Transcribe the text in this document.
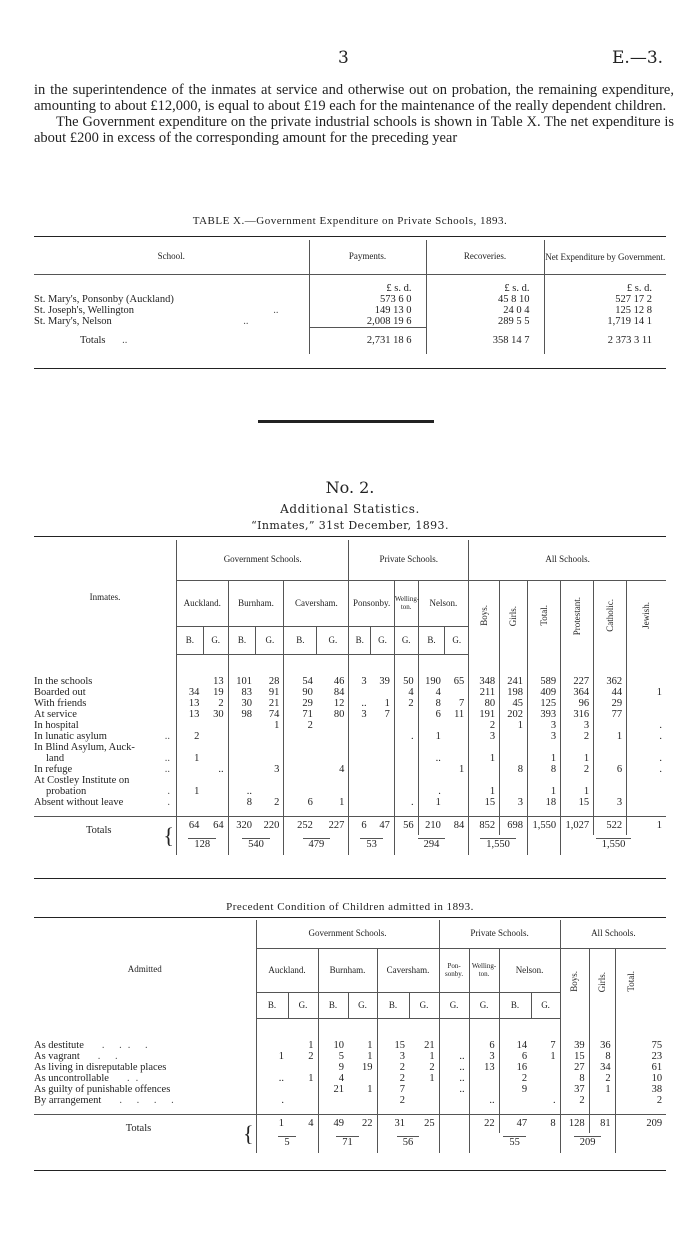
3	E.—3.

in the superintendence of the inmates at service and otherwise out on probation, the remaining expenditure, amounting to about £12,000, is equal to about £19 each for the maintenance of the really dependent children.

The Government expenditure on the private industrial schools is shown in Table X. The net expenditure is about £200 in excess of the corresponding amount for the preceding year

TABLE X.—Government Expenditure on Private Schools, 1893.
School.	Payments.	Recoveries.	Net Expenditure by Government.
	£ s. d.	£ s. d.	£ s. d.
St. Mary's, Ponsonby (Auckland)	573 6 0	45 8 10	527 17 2
St. Joseph's, Wellington ..	149 13 0	24 0 4	125 12 8
St. Mary's, Nelson ..	2,008 19 6	289 5 5	1,719 14 1
Totals ..	2,731 18 6	358 14 7	2 373 3 11
No. 2.
Additional Statistics.
“Inmates,” 31st December, 1893.
Inmates.	Government Schools.						Private Schools.					All Schools.					
	Auckland.		Burnham.		Caversham.		Ponsonby.		Welling-ton.	Nelson.		Boys.	Girls.	Total.	Protestant.	Catholic.	Jewish.
	B.	G.	B.	G.	B.	G.	B.	G.	G.	B.	G.						

In the schools		13	101	28	54	46	3	39	50	190	65	348	241	589	227	362	
Boarded out	34	19	83	91	90	84			4	4		211	198	409	364	44	1
With friends	13	2	30	21	29	12	..	1	2	8	7	80	45	125	96	29	
At service	13	30	98	74	71	80	3	7		6	11	191	202	393	316	77	
In hospital				1	2							2	1	3	3		.
In lunatic asylum ..	2								.	1		3		3	2	1	.
In Blind Asylum, Auck-																	
land ..	1									..		1		1	1		.
In refuge ..		..		3		4					1		8	8	2	6	.
At Costley Institute on																	
probation .	1		..							.		1		1	1		
Absent without leave .			8	2	6	1			.	1		15	3	18	15	3	

Totals {	64	64	320	220	252	227	6	47	56	210	84	852	698	1,550	1,027	522	1
	128		540		479		53		294			1,550			1,550		
Precedent Condition of Children admitted in 1893.
Admitted	Government Schools.						Private Schools.				All Schools.		
	Auckland.		Burnham.		Caversham.		Pon-sonby.	Welling-ton.	Nelson.		Boys.	Girls.	Total.
	B.	G.	B.	G.	B.	G.	G.	G.	B.	G.			

As destitute . .. .		1	10	1	15	21		6	14	7	39	36	75
As vagrant . .	1	2	5	1	3	1	..	3	6	1	15	8	23
As living in disreputable places			9	19	2	2	..	13	16		27	34	61
As uncontrollable ..	..	1	4		2	1	..		2		8	2	10
As guilty of punishable offences			21	1	7		..		9		37	1	38
By arrangement . . . .	.				2			..		.	2		2

Totals {	1	4	49	22	31	25		22	47	8	128	81	209
	5		71		56			55			209		
